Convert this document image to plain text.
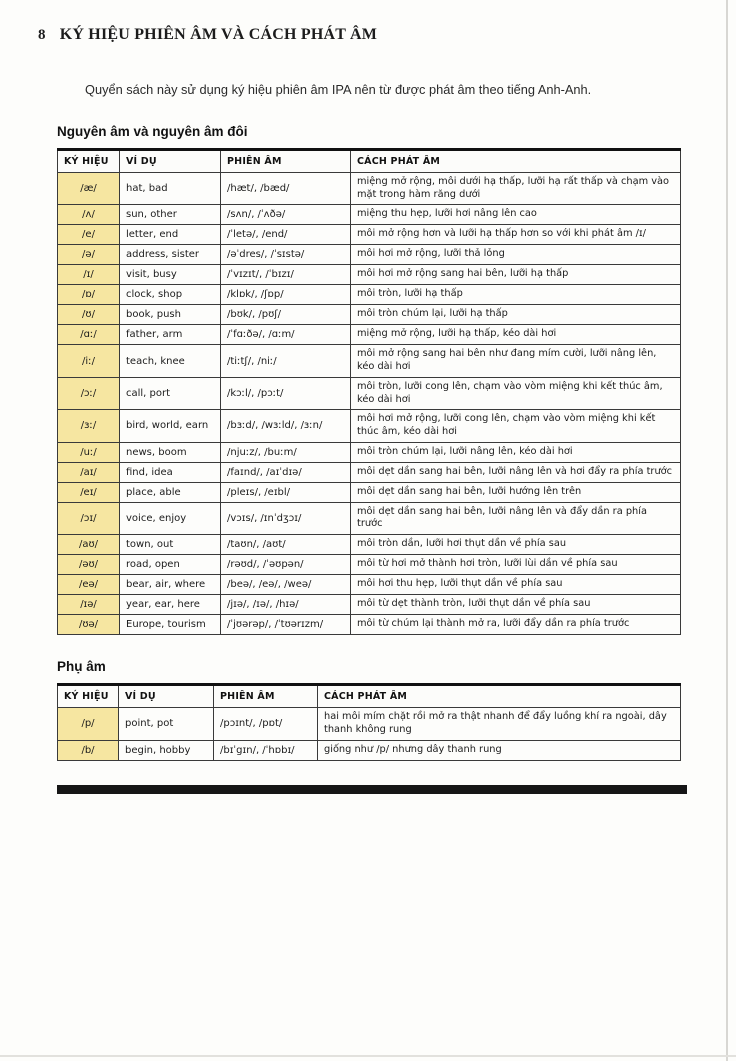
8 KÝ HIỆU PHIÊN ÂM VÀ CÁCH PHÁT ÂM

Quyển sách này sử dụng ký hiệu phiên âm IPA nên từ được phát âm theo tiếng Anh-Anh.

Nguyên âm và nguyên âm đôi
KÝ HIỆU	VÍ DỤ	PHIÊN ÂM	CÁCH PHÁT ÂM
/æ/	hat, bad	/hæt/, /bæd/	miệng mở rộng, môi dưới hạ thấp, lưỡi hạ rất thấp và chạm vào mặt trong hàm răng dưới
/ʌ/	sun, other	/sʌn/, /ˈʌðə/	miệng thu hẹp, lưỡi hơi nâng lên cao
/e/	letter, end	/ˈletə/, /end/	môi mở rộng hơn và lưỡi hạ thấp hơn so với khi phát âm /ɪ/
/ə/	address, sister	/əˈdres/, /ˈsɪstə/	môi hơi mở rộng, lưỡi thả lỏng
/ɪ/	visit, busy	/ˈvɪzɪt/, /ˈbɪzɪ/	môi hơi mở rộng sang hai bên, lưỡi hạ thấp
/ɒ/	clock, shop	/klɒk/, /ʃɒp/	môi tròn, lưỡi hạ thấp
/ʊ/	book, push	/bʊk/, /pʊʃ/	môi tròn chúm lại, lưỡi hạ thấp
/ɑː/	father, arm	/ˈfɑːðə/, /ɑːm/	miệng mở rộng, lưỡi hạ thấp, kéo dài hơi
/iː/	teach, knee	/tiːtʃ/, /niː/	môi mở rộng sang hai bên như đang mím cười, lưỡi nâng lên, kéo dài hơi
/ɔː/	call, port	/kɔːl/, /pɔːt/	môi tròn, lưỡi cong lên, chạm vào vòm miệng khi kết thúc âm, kéo dài hơi
/ɜː/	bird, world, earn	/bɜːd/, /wɜːld/, /ɜːn/	môi hơi mở rộng, lưỡi cong lên, chạm vào vòm miệng khi kết thúc âm, kéo dài hơi
/uː/	news, boom	/njuːz/, /buːm/	môi tròn chúm lại, lưỡi nâng lên, kéo dài hơi
/aɪ/	find, idea	/faɪnd/, /aɪˈdɪə/	môi dẹt dần sang hai bên, lưỡi nâng lên và hơi đẩy ra phía trước
/eɪ/	place, able	/pleɪs/, /eɪbl/	môi dẹt dần sang hai bên, lưỡi hướng lên trên
/ɔɪ/	voice, enjoy	/vɔɪs/, /ɪnˈdʒɔɪ/	môi dẹt dần sang hai bên, lưỡi nâng lên và đẩy dần ra phía trước
/aʊ/	town, out	/taʊn/, /aʊt/	môi tròn dần, lưỡi hơi thụt dần về phía sau
/əʊ/	road, open	/rəʊd/, /ˈəʊpən/	môi từ hơi mở thành hơi tròn, lưỡi lùi dần về phía sau
/eə/	bear, air, where	/beə/, /eə/, /weə/	môi hơi thu hẹp, lưỡi thụt dần về phía sau
/ɪə/	year, ear, here	/jɪə/, /ɪə/, /hɪə/	môi từ dẹt thành tròn, lưỡi thụt dần về phía sau
/ʊə/	Europe, tourism	/ˈjʊərəp/, /ˈtʊərɪzm/	môi từ chúm lại thành mở ra, lưỡi đẩy dần ra phía trước
Phụ âm
KÝ HIỆU	VÍ DỤ	PHIÊN ÂM	CÁCH PHÁT ÂM
/p/	point, pot	/pɔɪnt/, /pɒt/	hai môi mím chặt rồi mở ra thật nhanh để đẩy luồng khí ra ngoài, dây thanh không rung
/b/	begin, hobby	/bɪˈgɪn/, /ˈhɒbɪ/	giống như /p/ nhưng dây thanh rung
